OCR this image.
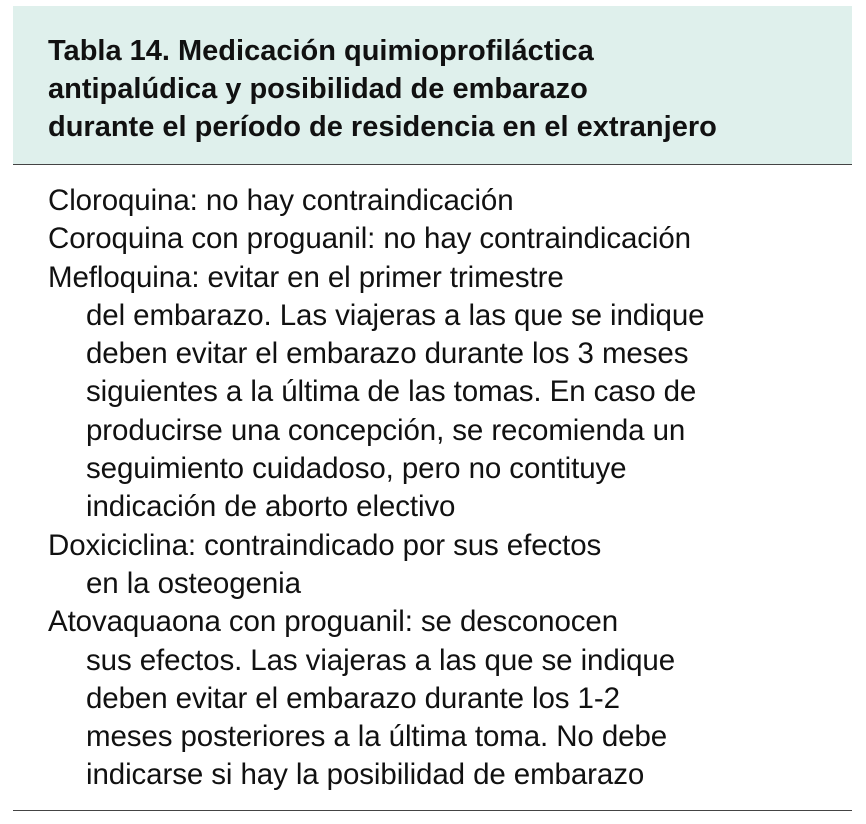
Tabla 14. Medicación quimioprofiláctica
antipalúdica y posibilidad de embarazo
durante el período de residencia en el extranjero
Cloroquina: no hay contraindicación
Coroquina con proguanil: no hay contraindicación
Mefloquina: evitar en el primer trimestre
del embarazo. Las viajeras a las que se indique
deben evitar el embarazo durante los 3 meses
siguientes a la última de las tomas. En caso de
producirse una concepción, se recomienda un
seguimiento cuidadoso, pero no contituye
indicación de aborto electivo
Doxiciclina: contraindicado por sus efectos
en la osteogenia
Atovaquaona con proguanil: se desconocen
sus efectos. Las viajeras a las que se indique
deben evitar el embarazo durante los 1-2
meses posteriores a la última toma. No debe
indicarse si hay la posibilidad de embarazo
